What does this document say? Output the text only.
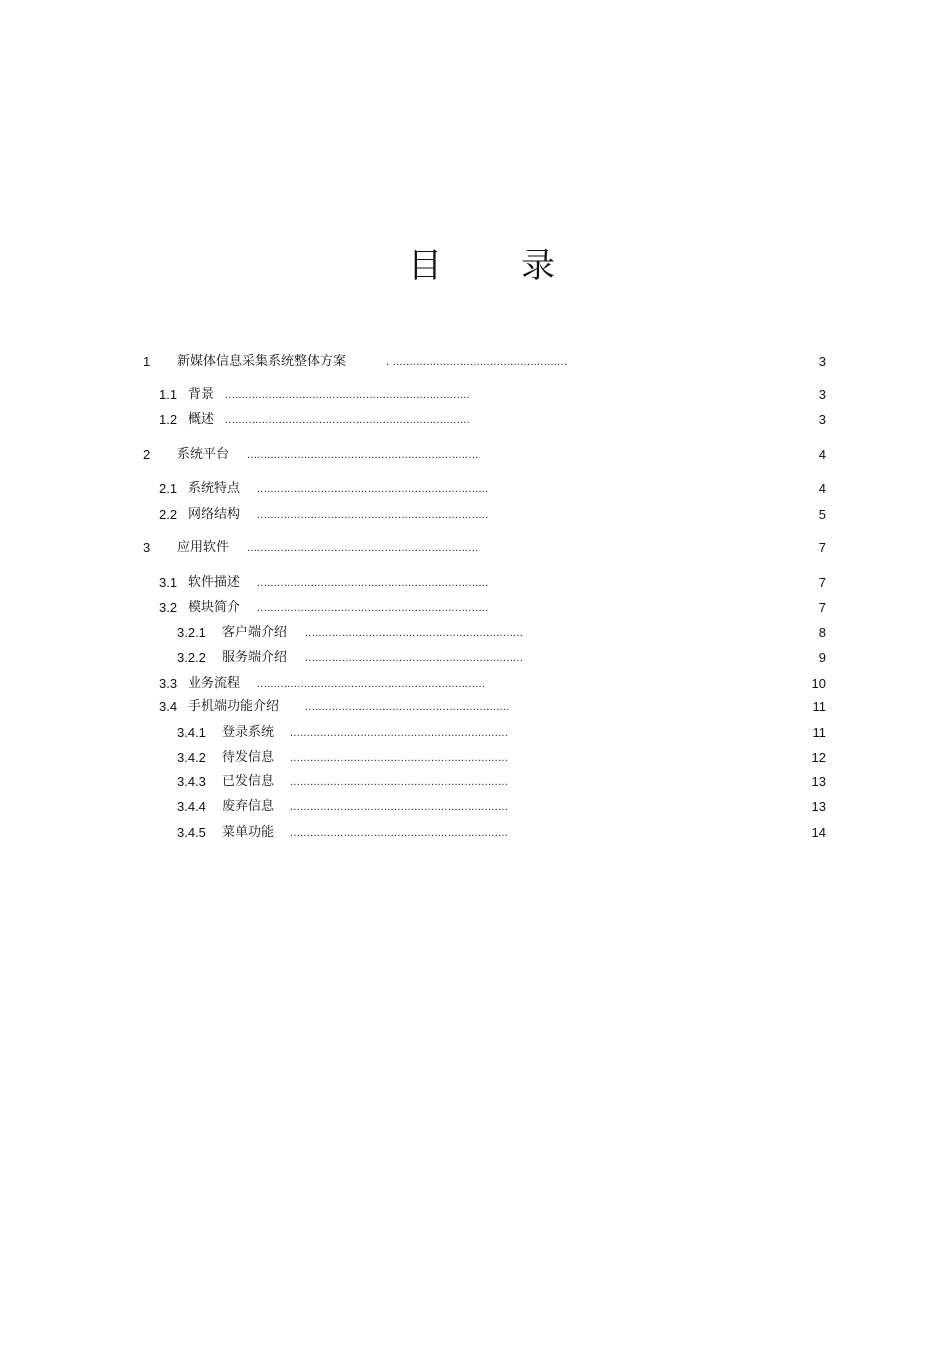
目 录
1 新媒体信息采集系统整体方案	. ....................................................	3
1.1 背景 .........................................................................	3
1.2 概述 .........................................................................	3
2 系统平台 .....................................................................	4
2.1 系统特点 .....................................................................	4
2.2 网络结构 .....................................................................	5
3 应用软件 .....................................................................	7
3.1 软件描述 .....................................................................	7
3.2 模块简介 .....................................................................	7
3.2.1 客户端介绍 .................................................................	8
3.2.2 服务端介绍 .................................................................	9
3.3 业务流程 ....................................................................	10
3.4 手机端功能介绍 .............................................................	11
3.4.1 登录系统 .................................................................	11
3.4.2 待发信息 .................................................................	12
3.4.3 已发信息 .................................................................	13
3.4.4 废弃信息 .................................................................	13
3.4.5 菜单功能 .................................................................	14
